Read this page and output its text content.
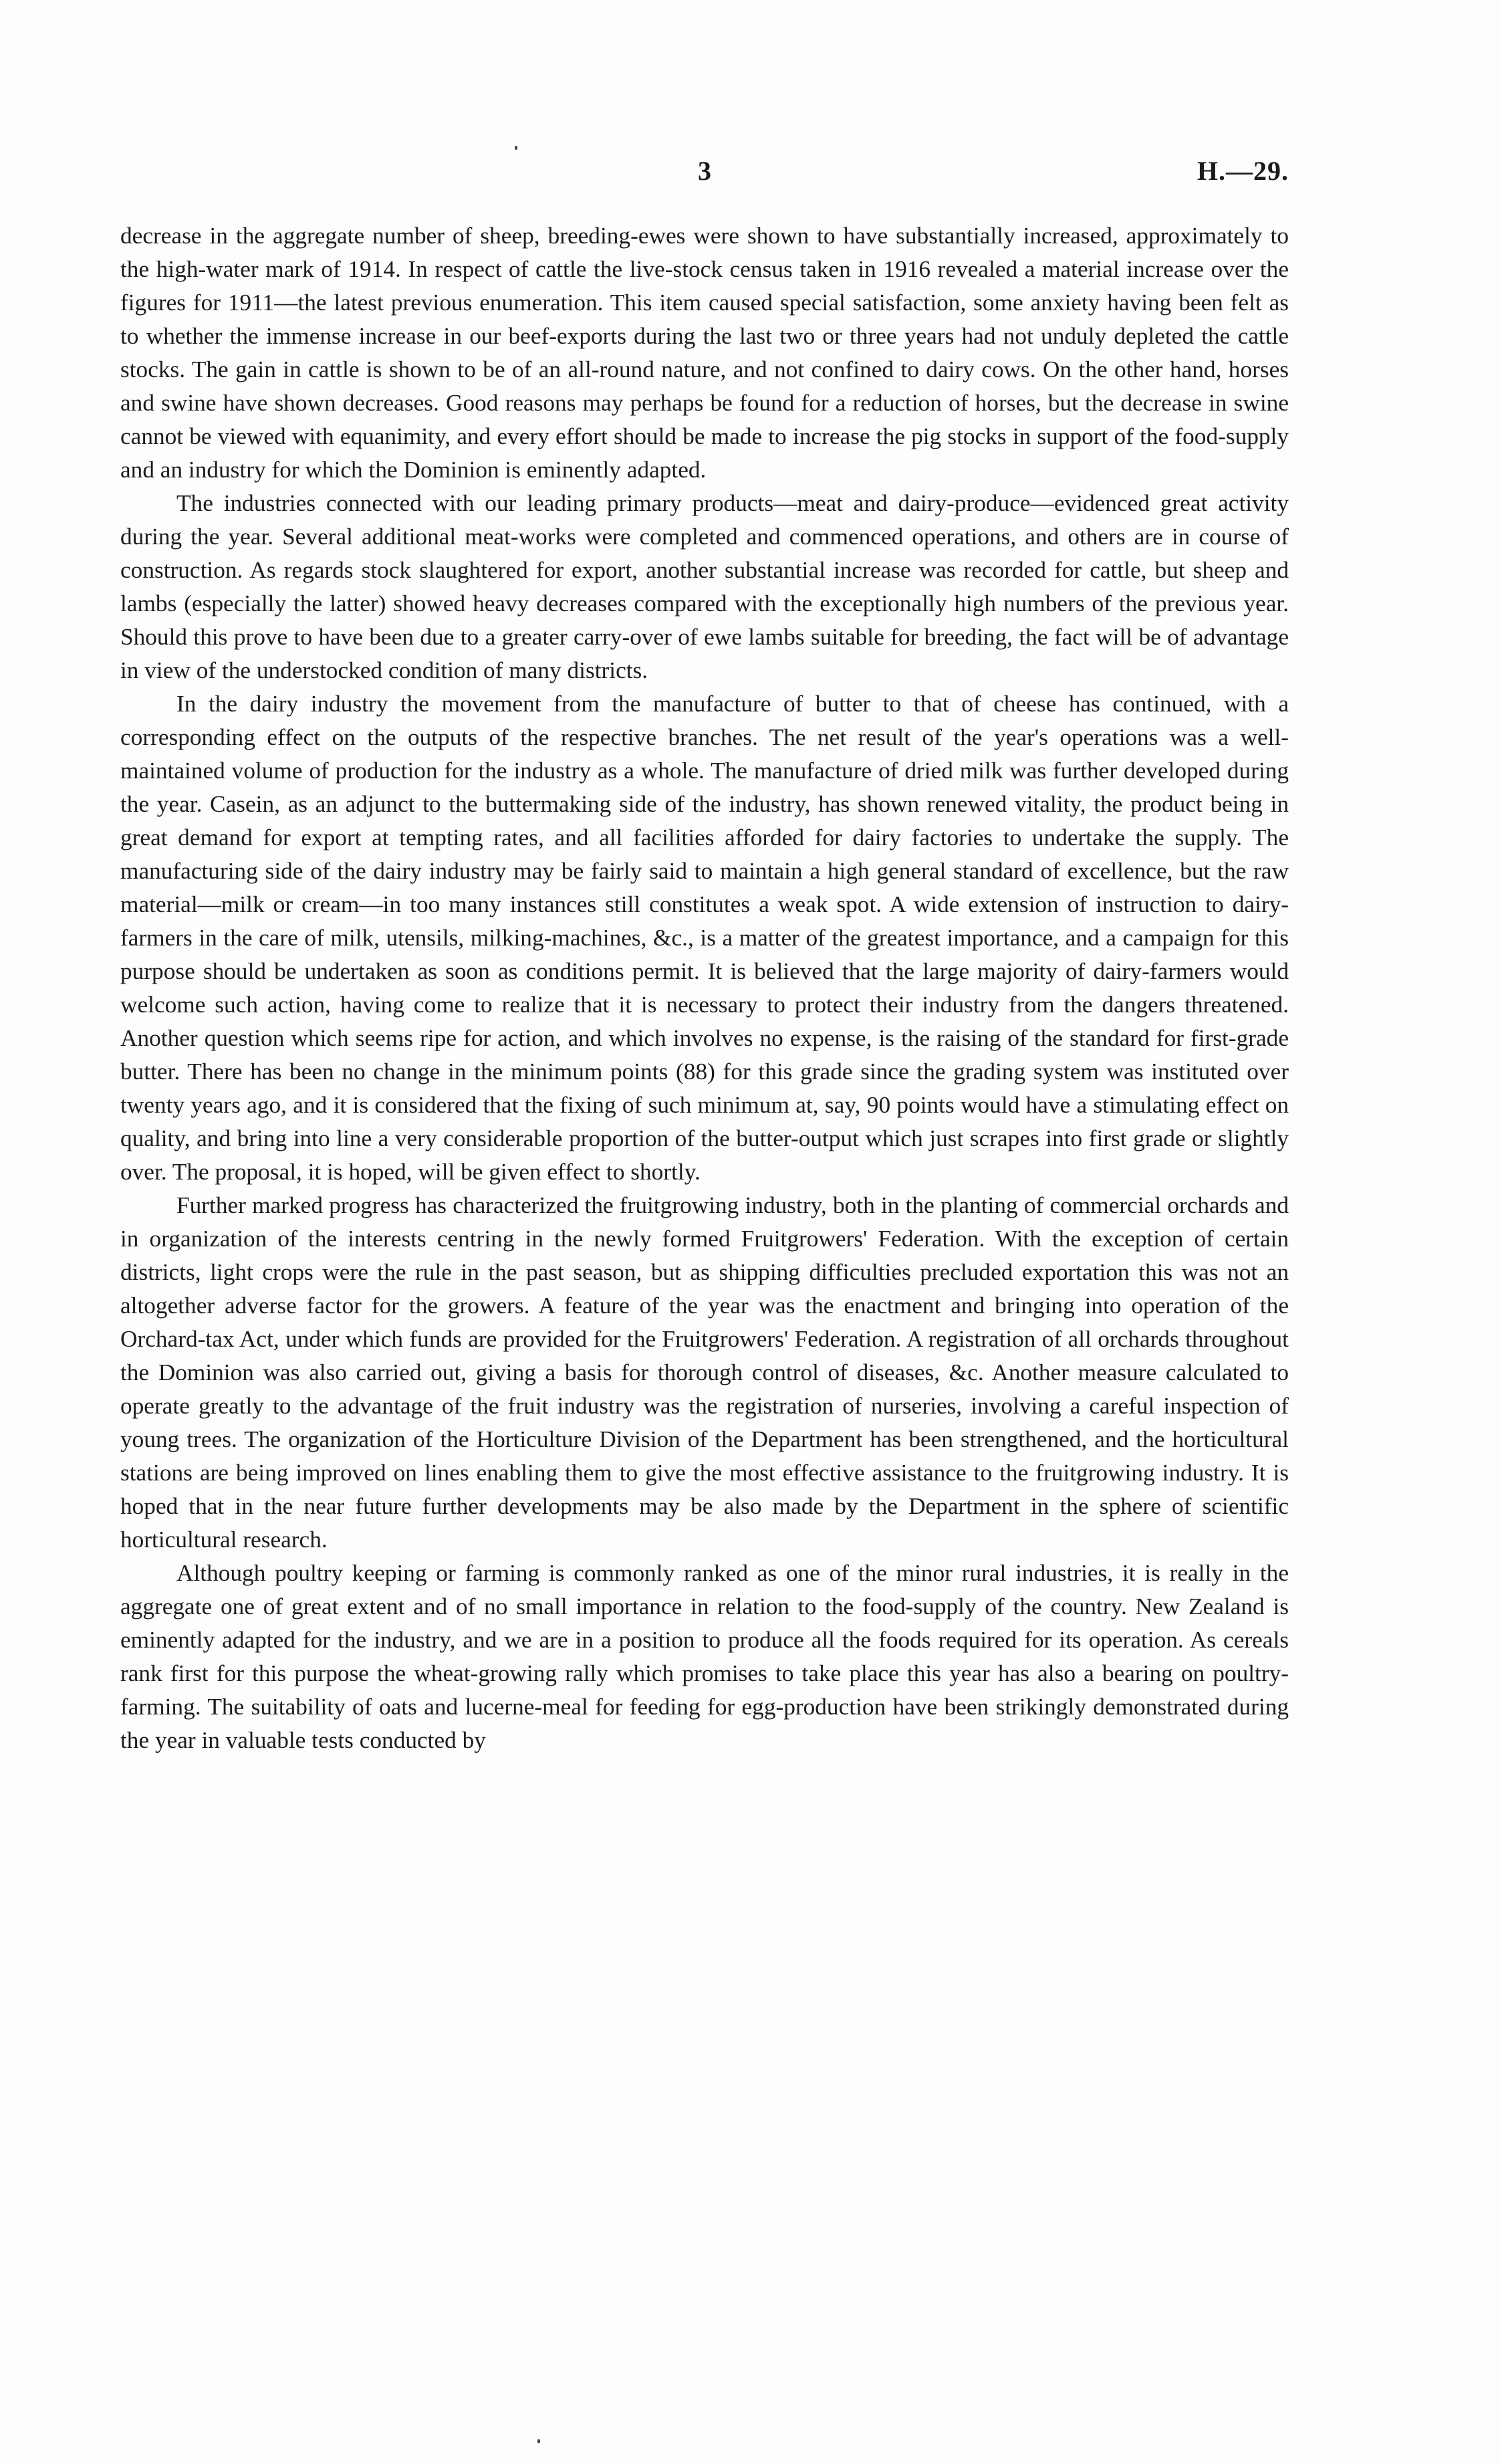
3	H.—29.

decrease in the aggregate number of sheep, breeding-ewes were shown to have substantially increased, approximately to the high-water mark of 1914. In respect of cattle the live-stock census taken in 1916 revealed a material increase over the figures for 1911—the latest previous enumeration. This item caused special satisfaction, some anxiety having been felt as to whether the immense increase in our beef-exports during the last two or three years had not unduly depleted the cattle stocks. The gain in cattle is shown to be of an all-round nature, and not confined to dairy cows. On the other hand, horses and swine have shown decreases. Good reasons may perhaps be found for a reduction of horses, but the decrease in swine cannot be viewed with equanimity, and every effort should be made to increase the pig stocks in support of the food-supply and an industry for which the Dominion is eminently adapted.

The industries connected with our leading primary products—meat and dairy-produce—evidenced great activity during the year. Several additional meat-works were completed and commenced operations, and others are in course of construction. As regards stock slaughtered for export, another substantial increase was recorded for cattle, but sheep and lambs (especially the latter) showed heavy decreases compared with the exceptionally high numbers of the previous year. Should this prove to have been due to a greater carry-over of ewe lambs suitable for breeding, the fact will be of advantage in view of the understocked condition of many districts.

In the dairy industry the movement from the manufacture of butter to that of cheese has continued, with a corresponding effect on the outputs of the respective branches. The net result of the year's operations was a well-maintained volume of production for the industry as a whole. The manufacture of dried milk was further developed during the year. Casein, as an adjunct to the buttermaking side of the industry, has shown renewed vitality, the product being in great demand for export at tempting rates, and all facilities afforded for dairy factories to undertake the supply. The manufacturing side of the dairy industry may be fairly said to maintain a high general standard of excellence, but the raw material—milk or cream—in too many instances still constitutes a weak spot. A wide extension of instruction to dairy-farmers in the care of milk, utensils, milking-machines, &c., is a matter of the greatest importance, and a campaign for this purpose should be undertaken as soon as conditions permit. It is believed that the large majority of dairy-farmers would welcome such action, having come to realize that it is necessary to protect their industry from the dangers threatened. Another question which seems ripe for action, and which involves no expense, is the raising of the standard for first-grade butter. There has been no change in the minimum points (88) for this grade since the grading system was instituted over twenty years ago, and it is considered that the fixing of such minimum at, say, 90 points would have a stimulating effect on quality, and bring into line a very considerable proportion of the butter-output which just scrapes into first grade or slightly over. The proposal, it is hoped, will be given effect to shortly.

Further marked progress has characterized the fruitgrowing industry, both in the planting of commercial orchards and in organization of the interests centring in the newly formed Fruitgrowers' Federation. With the exception of certain districts, light crops were the rule in the past season, but as shipping difficulties precluded exportation this was not an altogether adverse factor for the growers. A feature of the year was the enactment and bringing into operation of the Orchard-tax Act, under which funds are provided for the Fruitgrowers' Federation. A registration of all orchards throughout the Dominion was also carried out, giving a basis for thorough control of diseases, &c. Another measure calculated to operate greatly to the advantage of the fruit industry was the registration of nurseries, involving a careful inspection of young trees. The organization of the Horticulture Division of the Department has been strengthened, and the horticultural stations are being improved on lines enabling them to give the most effective assistance to the fruitgrowing industry. It is hoped that in the near future further developments may be also made by the Department in the sphere of scientific horticultural research.

Although poultry keeping or farming is commonly ranked as one of the minor rural industries, it is really in the aggregate one of great extent and of no small importance in relation to the food-supply of the country. New Zealand is eminently adapted for the industry, and we are in a position to produce all the foods required for its operation. As cereals rank first for this purpose the wheat-growing rally which promises to take place this year has also a bearing on poultry-farming. The suitability of oats and lucerne-meal for feeding for egg-production have been strikingly demonstrated during the year in valuable tests conducted by
